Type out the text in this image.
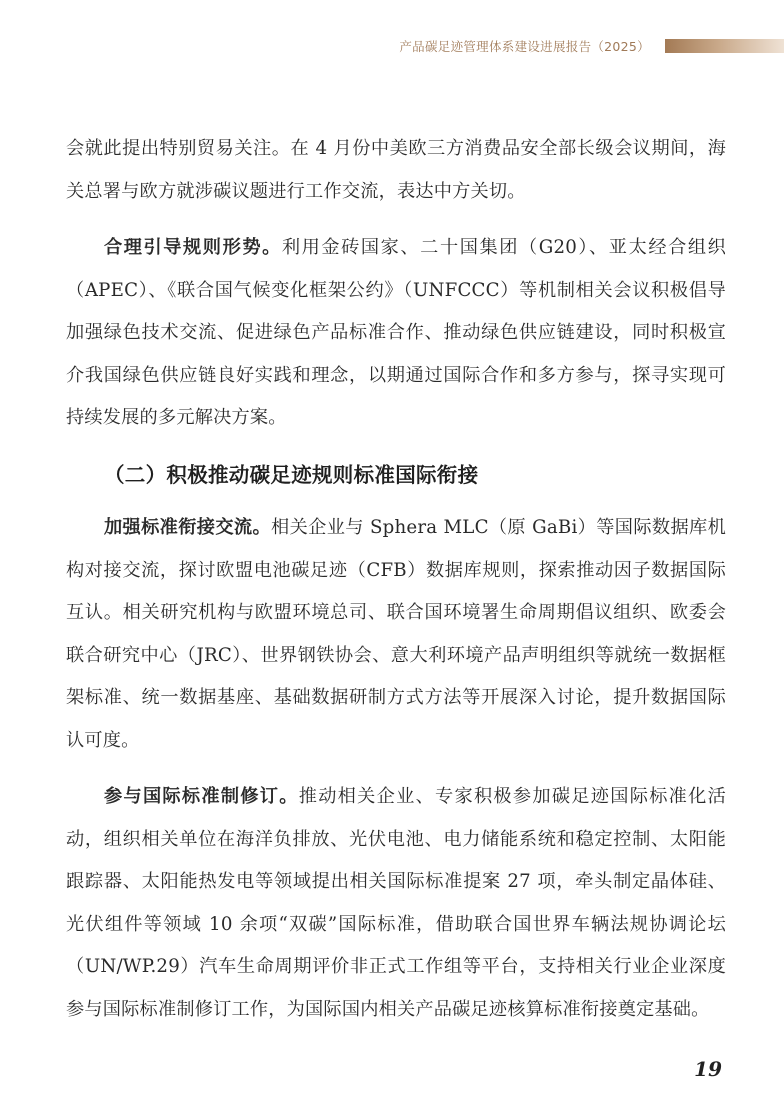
产品碳足迹管理体系建设进展报告（2025）

会就此提出特别贸易关注。在 4 月份中美欧三方消费品安全部长级会议期间，海关总署与欧方就涉碳议题进行工作交流，表达中方关切。

合理引导规则形势。利用金砖国家、二十国集团（G20）、亚太经合组织（APEC）、《联合国气候变化框架公约》（UNFCCC）等机制相关会议积极倡导加强绿色技术交流、促进绿色产品标准合作、推动绿色供应链建设，同时积极宣介我国绿色供应链良好实践和理念，以期通过国际合作和多方参与，探寻实现可持续发展的多元解决方案。

（二）积极推动碳足迹规则标准国际衔接

加强标准衔接交流。相关企业与 Sphera MLC（原 GaBi）等国际数据库机构对接交流，探讨欧盟电池碳足迹（CFB）数据库规则，探索推动因子数据国际互认。相关研究机构与欧盟环境总司、联合国环境署生命周期倡议组织、欧委会联合研究中心（JRC）、世界钢铁协会、意大利环境产品声明组织等就统一数据框架标准、统一数据基座、基础数据研制方式方法等开展深入讨论，提升数据国际认可度。

参与国际标准制修订。推动相关企业、专家积极参加碳足迹国际标准化活动，组织相关单位在海洋负排放、光伏电池、电力储能系统和稳定控制、太阳能跟踪器、太阳能热发电等领域提出相关国际标准提案 27 项，牵头制定晶体硅、光伏组件等领域 10 余项“双碳”国际标准，借助联合国世界车辆法规协调论坛（UN/WP.29）汽车生命周期评价非正式工作组等平台，支持相关行业企业深度参与国际标准制修订工作，为国际国内相关产品碳足迹核算标准衔接奠定基础。

19
